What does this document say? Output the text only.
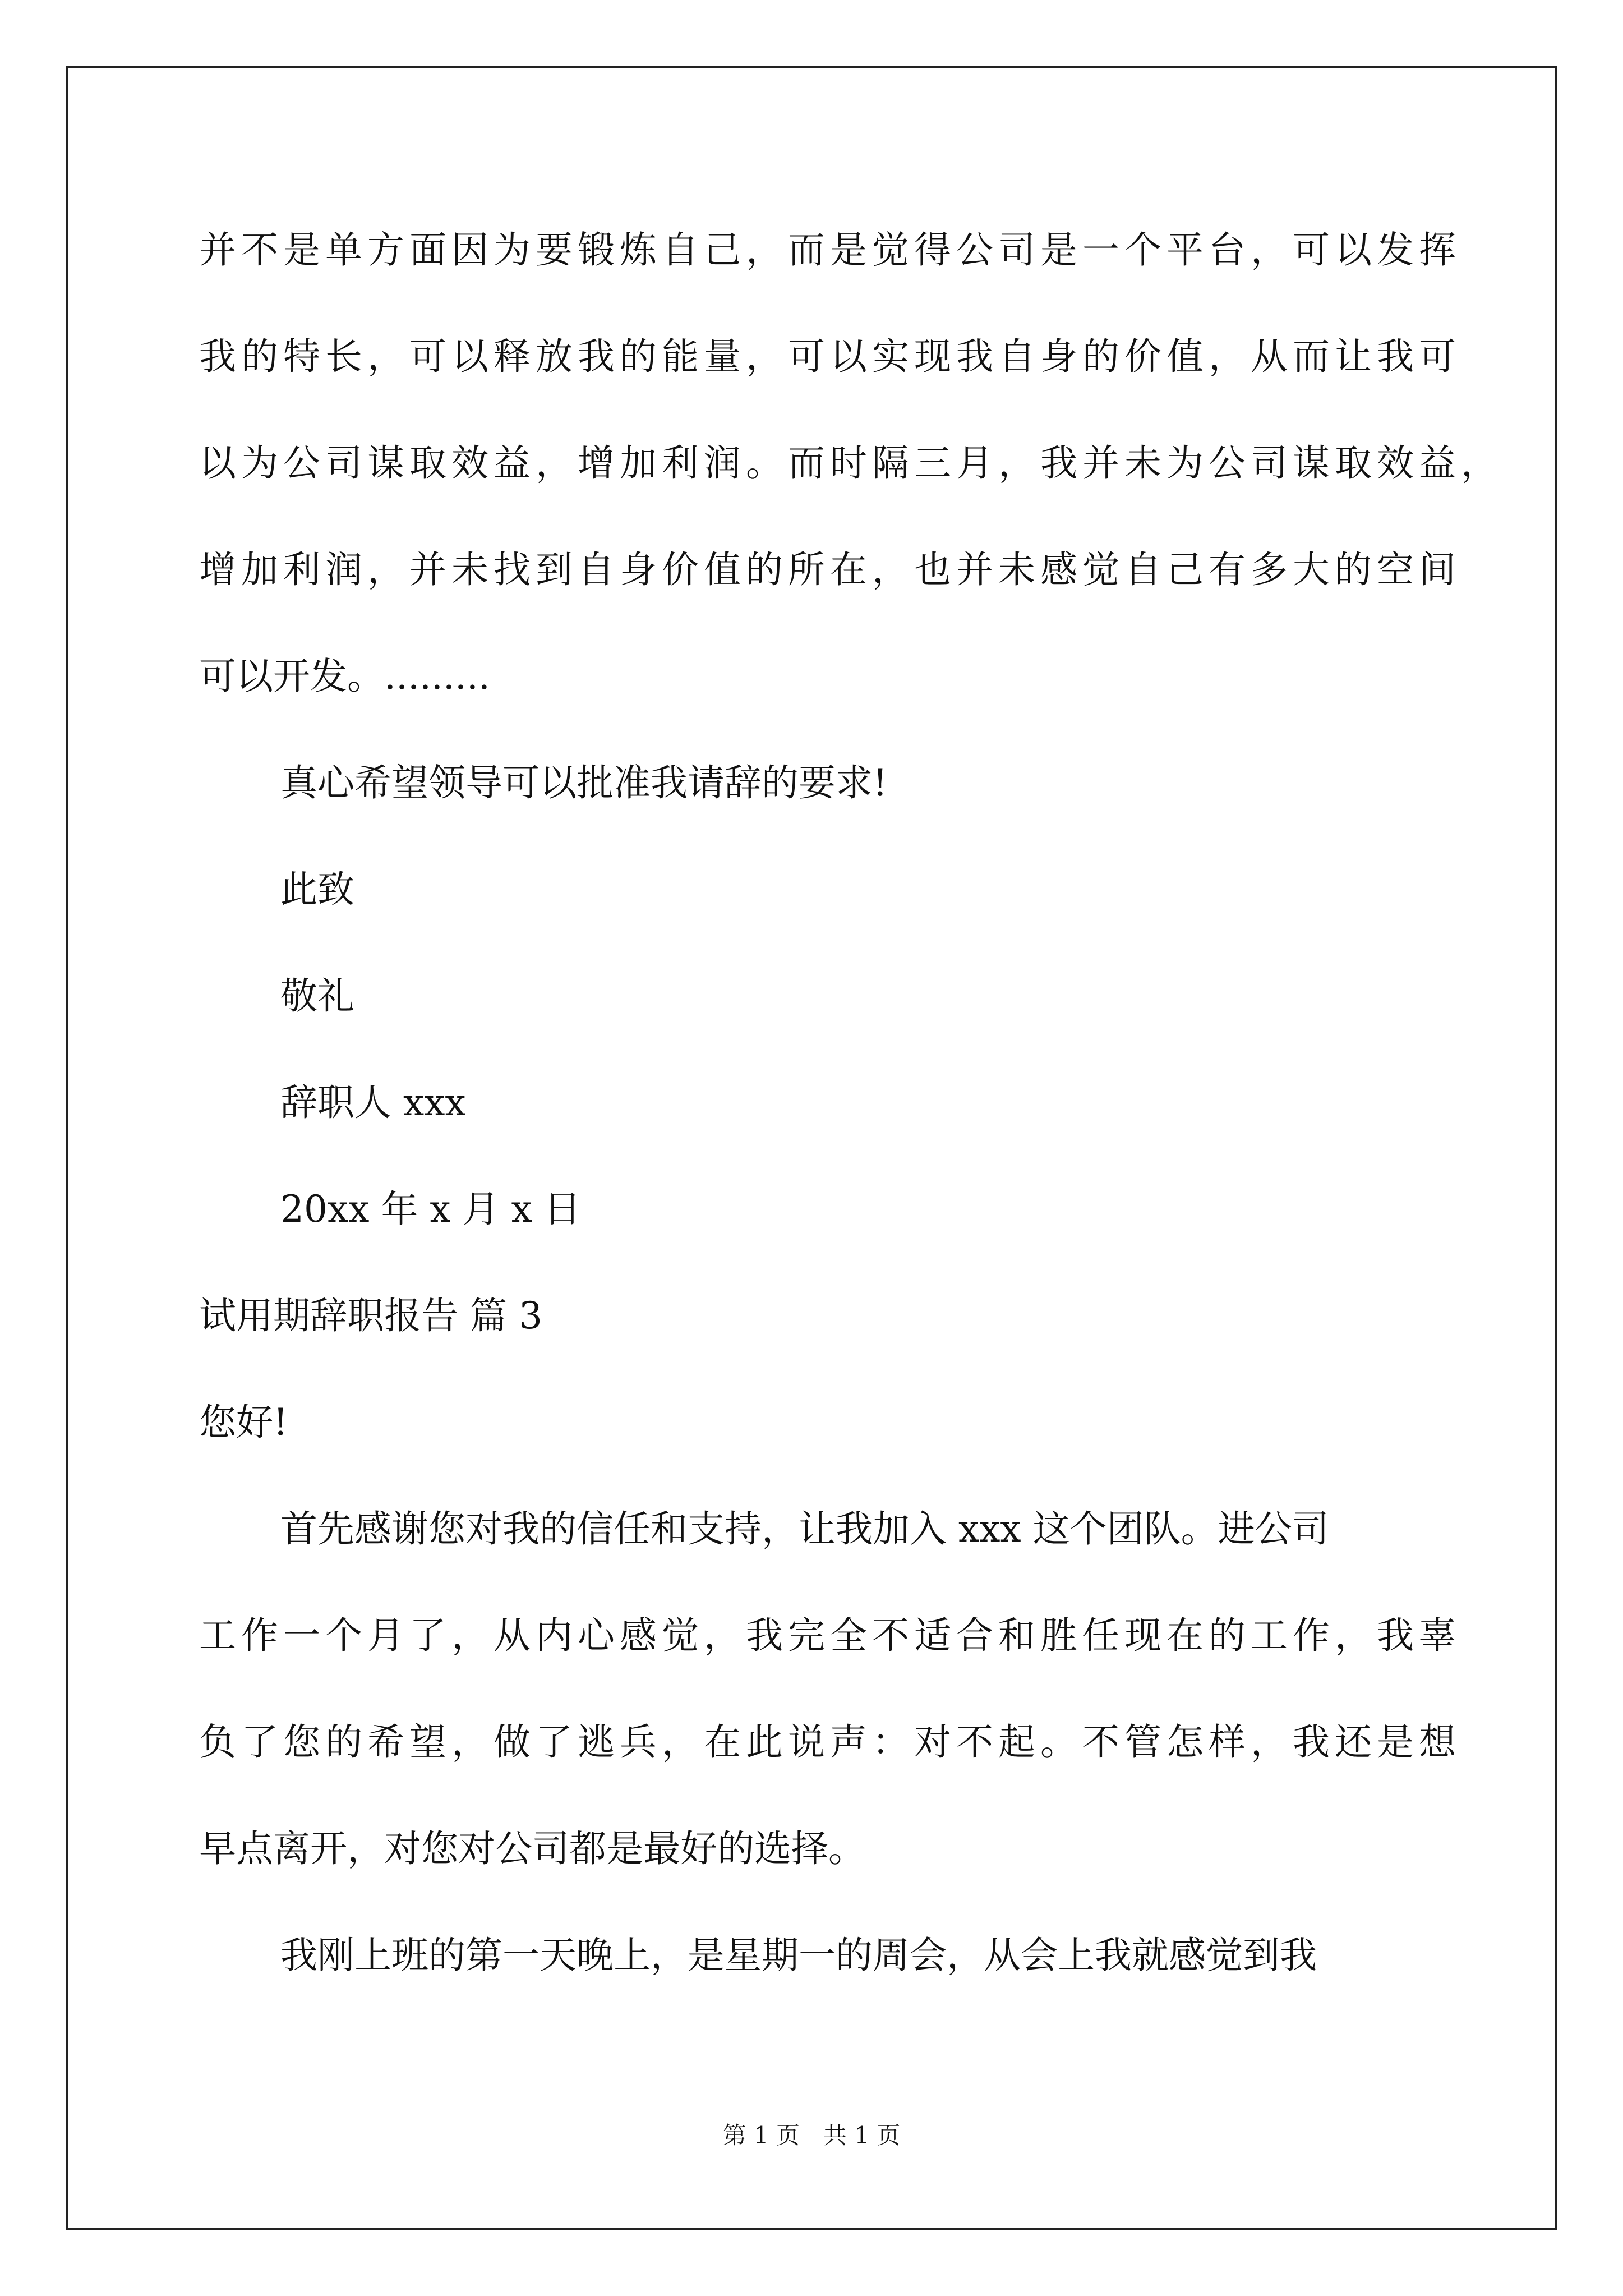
并不是单方面因为要锻炼自己，而是觉得公司是一个平台，可以发挥
我的特长，可以释放我的能量，可以实现我自身的价值，从而让我可
以为公司谋取效益，增加利润。而时隔三月，我并未为公司谋取效益，
增加利润，并未找到自身价值的所在，也并未感觉自己有多大的空间
可以开发。.........
真心希望领导可以批准我请辞的要求!
此致
敬礼
辞职人 xxx
20xx 年 x 月 x 日
试用期辞职报告 篇 3
您好!
首先感谢您对我的信任和支持，让我加入 xxx 这个团队。进公司
工作一个月了，从内心感觉，我完全不适合和胜任现在的工作，我辜
负了您的希望，做了逃兵，在此说声：对不起。不管怎样，我还是想
早点离开，对您对公司都是最好的选择。
我刚上班的第一天晚上，是星期一的周会，从会上我就感觉到我
第 1 页　共 1 页
